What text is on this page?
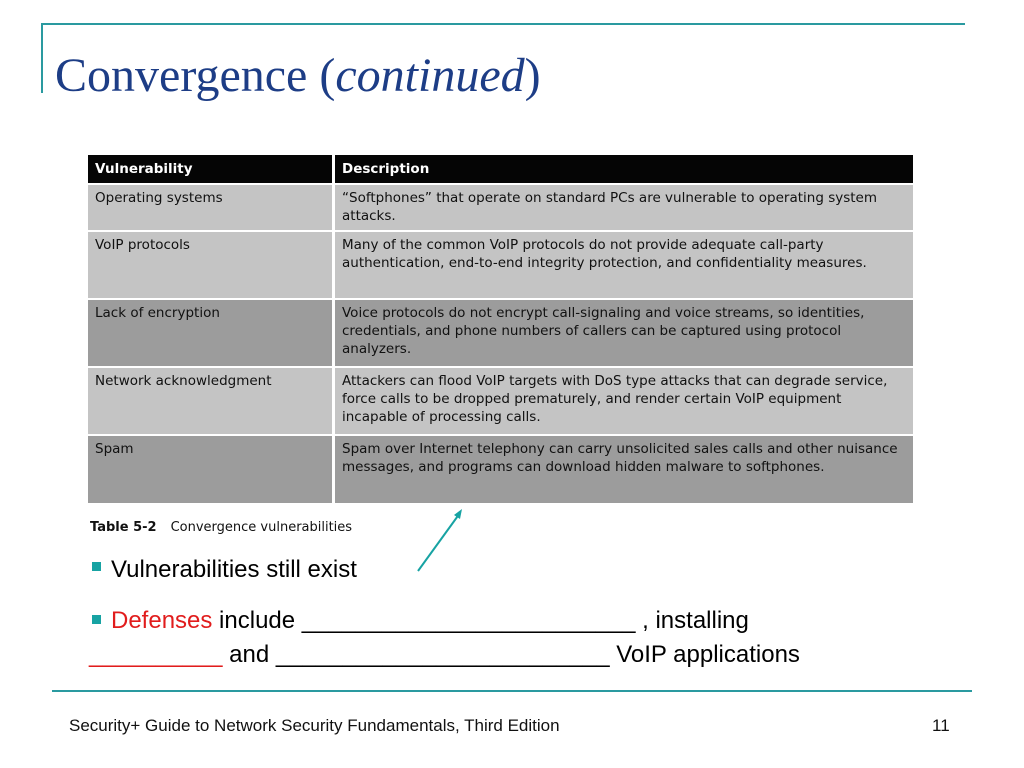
Convergence (continued)
Vulnerability	Description
Operating systems	“Softphones” that operate on standard PCs are vulnerable to operating system attacks.
VoIP protocols	Many of the common VoIP protocols do not provide adequate call-party authentication, end-to-end integrity protection, and confidentiality measures.
Lack of encryption	Voice protocols do not encrypt call-signaling and voice streams, so identities, credentials, and phone numbers of callers can be captured using protocol analyzers.
Network acknowledgment	Attackers can flood VoIP targets with DoS type attacks that can degrade service, force calls to be dropped prematurely, and render certain VoIP equipment incapable of processing calls.
Spam	Spam over Internet telephony can carry unsolicited sales calls and other nuisance messages, and programs can download hidden malware to softphones.
Table 5-2 Convergence vulnerabilities
Vulnerabilities still exist
Defenses include _________________________ , installing
__________ and _________________________ VoIP applications
Security+ Guide to Network Security Fundamentals, Third Edition	11
